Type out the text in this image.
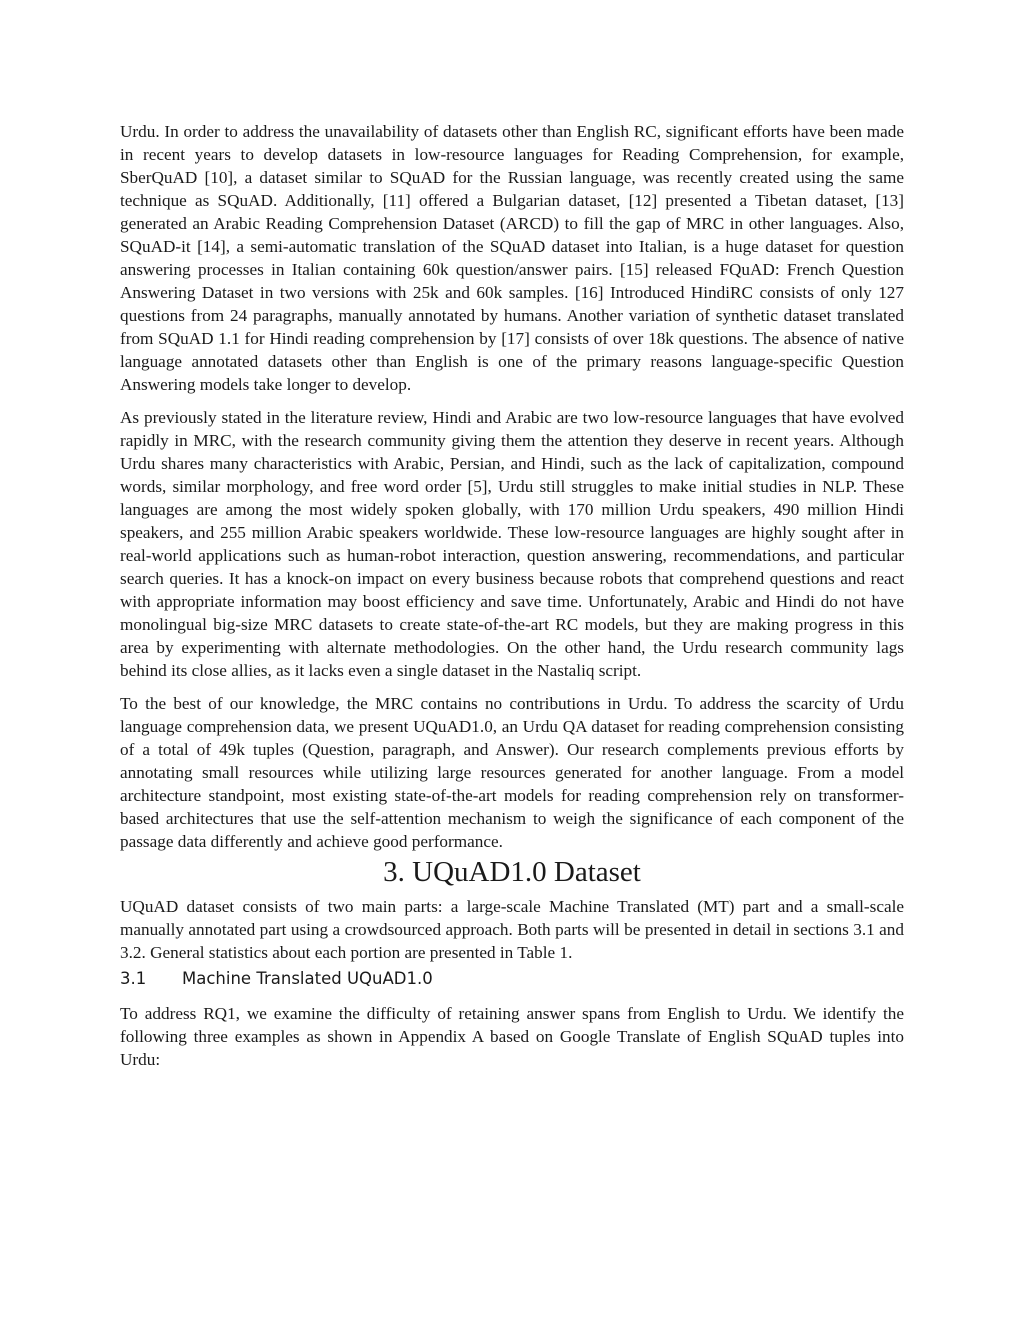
Urdu. In order to address the unavailability of datasets other than English RC, significant efforts have been made in recent years to develop datasets in low-resource languages for Reading Comprehension, for example, SberQuAD [10], a dataset similar to SQuAD for the Russian language, was recently created using the same technique as SQuAD. Additionally, [11] offered a Bulgarian dataset, [12] presented a Tibetan dataset, [13] generated an Arabic Reading Comprehension Dataset (ARCD) to fill the gap of MRC in other languages. Also, SQuAD-it [14], a semi-automatic translation of the SQuAD dataset into Italian, is a huge dataset for question answering processes in Italian containing 60k question/answer pairs. [15] released FQuAD: French Question Answering Dataset in two versions with 25k and 60k samples. [16] Introduced HindiRC consists of only 127 questions from 24 paragraphs, manually annotated by humans. Another variation of synthetic dataset translated from SQuAD 1.1 for Hindi reading comprehension by [17] consists of over 18k questions. The absence of native language annotated datasets other than English is one of the primary reasons language-specific Question Answering models take longer to develop.

As previously stated in the literature review, Hindi and Arabic are two low-resource languages that have evolved rapidly in MRC, with the research community giving them the attention they deserve in recent years. Although Urdu shares many characteristics with Arabic, Persian, and Hindi, such as the lack of capitalization, compound words, similar morphology, and free word order [5], Urdu still struggles to make initial studies in NLP. These languages are among the most widely spoken globally, with 170 million Urdu speakers, 490 million Hindi speakers, and 255 million Arabic speakers worldwide. These low-resource languages are highly sought after in real-world applications such as human-robot interaction, question answering, recommendations, and particular search queries. It has a knock-on impact on every business because robots that comprehend questions and react with appropriate information may boost efficiency and save time. Unfortunately, Arabic and Hindi do not have monolingual big-size MRC datasets to create state-of-the-art RC models, but they are making progress in this area by experimenting with alternate methodologies. On the other hand, the Urdu research community lags behind its close allies, as it lacks even a single dataset in the Nastaliq script.

To the best of our knowledge, the MRC contains no contributions in Urdu. To address the scarcity of Urdu language comprehension data, we present UQuAD1.0, an Urdu QA dataset for reading comprehension consisting of a total of 49k tuples (Question, paragraph, and Answer). Our research complements previous efforts by annotating small resources while utilizing large resources generated for another language. From a model architecture standpoint, most existing state-of-the-art models for reading comprehension rely on transformer-based architectures that use the self-attention mechanism to weigh the significance of each component of the passage data differently and achieve good performance.

3. UQuAD1.0 Dataset

UQuAD dataset consists of two main parts: a large-scale Machine Translated (MT) part and a small-scale manually annotated part using a crowdsourced approach. Both parts will be presented in detail in sections 3.1 and 3.2. General statistics about each portion are presented in Table 1.

3.1	Machine Translated UQuAD1.0

To address RQ1, we examine the difficulty of retaining answer spans from English to Urdu. We identify the following three examples as shown in Appendix A based on Google Translate of English SQuAD tuples into Urdu:
